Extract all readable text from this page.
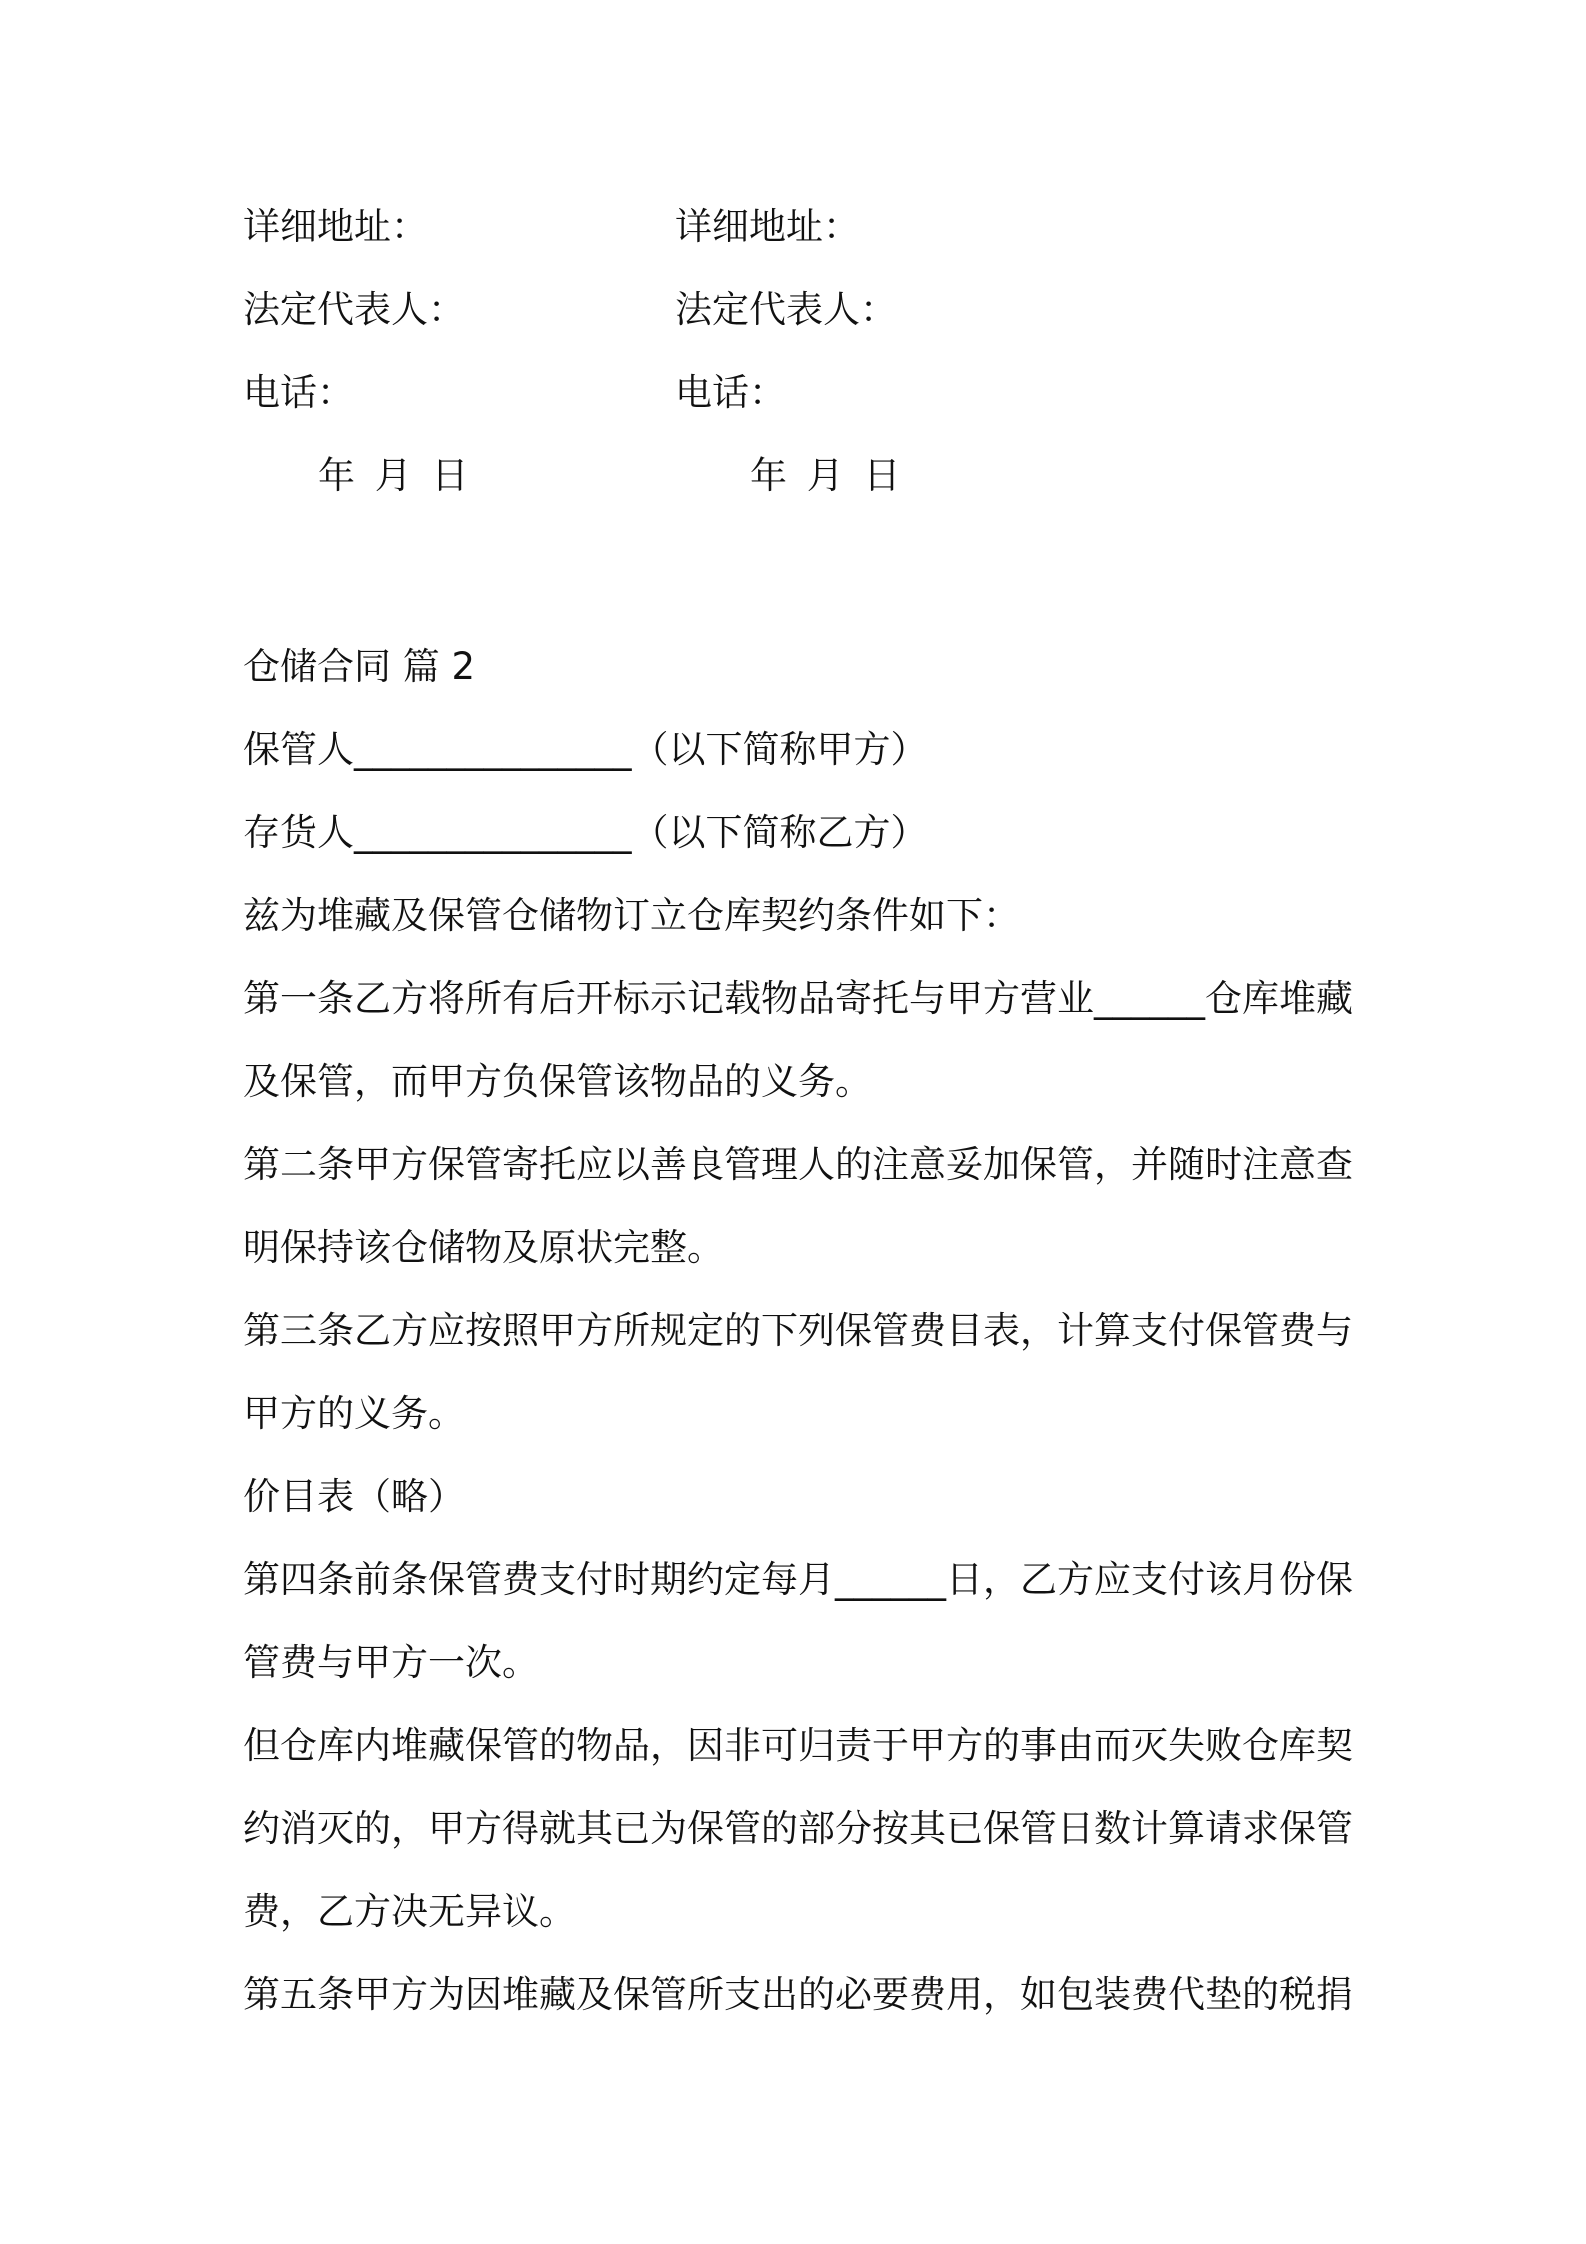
详细地址：
法定代表人：
电话：
年 月 日
详细地址：
法定代表人：
电话：
年 月 日

仓储合同 篇 2

保管人_______________（以下简称甲方）

存货人_______________（以下简称乙方）

兹为堆藏及保管仓储物订立仓库契约条件如下：

第一条乙方将所有后开标示记载物品寄托与甲方营业______仓库堆藏及保管，而甲方负保管该物品的义务。

第二条甲方保管寄托应以善良管理人的注意妥加保管，并随时注意查明保持该仓储物及原状完整。

第三条乙方应按照甲方所规定的下列保管费目表，计算支付保管费与甲方的义务。

价目表（略）

第四条前条保管费支付时期约定每月______日，乙方应支付该月份保管费与甲方一次。

但仓库内堆藏保管的物品，因非可归责于甲方的事由而灭失败仓库契约消灭的，甲方得就其已为保管的部分按其已保管日数计算请求保管费，乙方决无异议。

第五条甲方为因堆藏及保管所支出的必要费用，如包装费代垫的税捐
